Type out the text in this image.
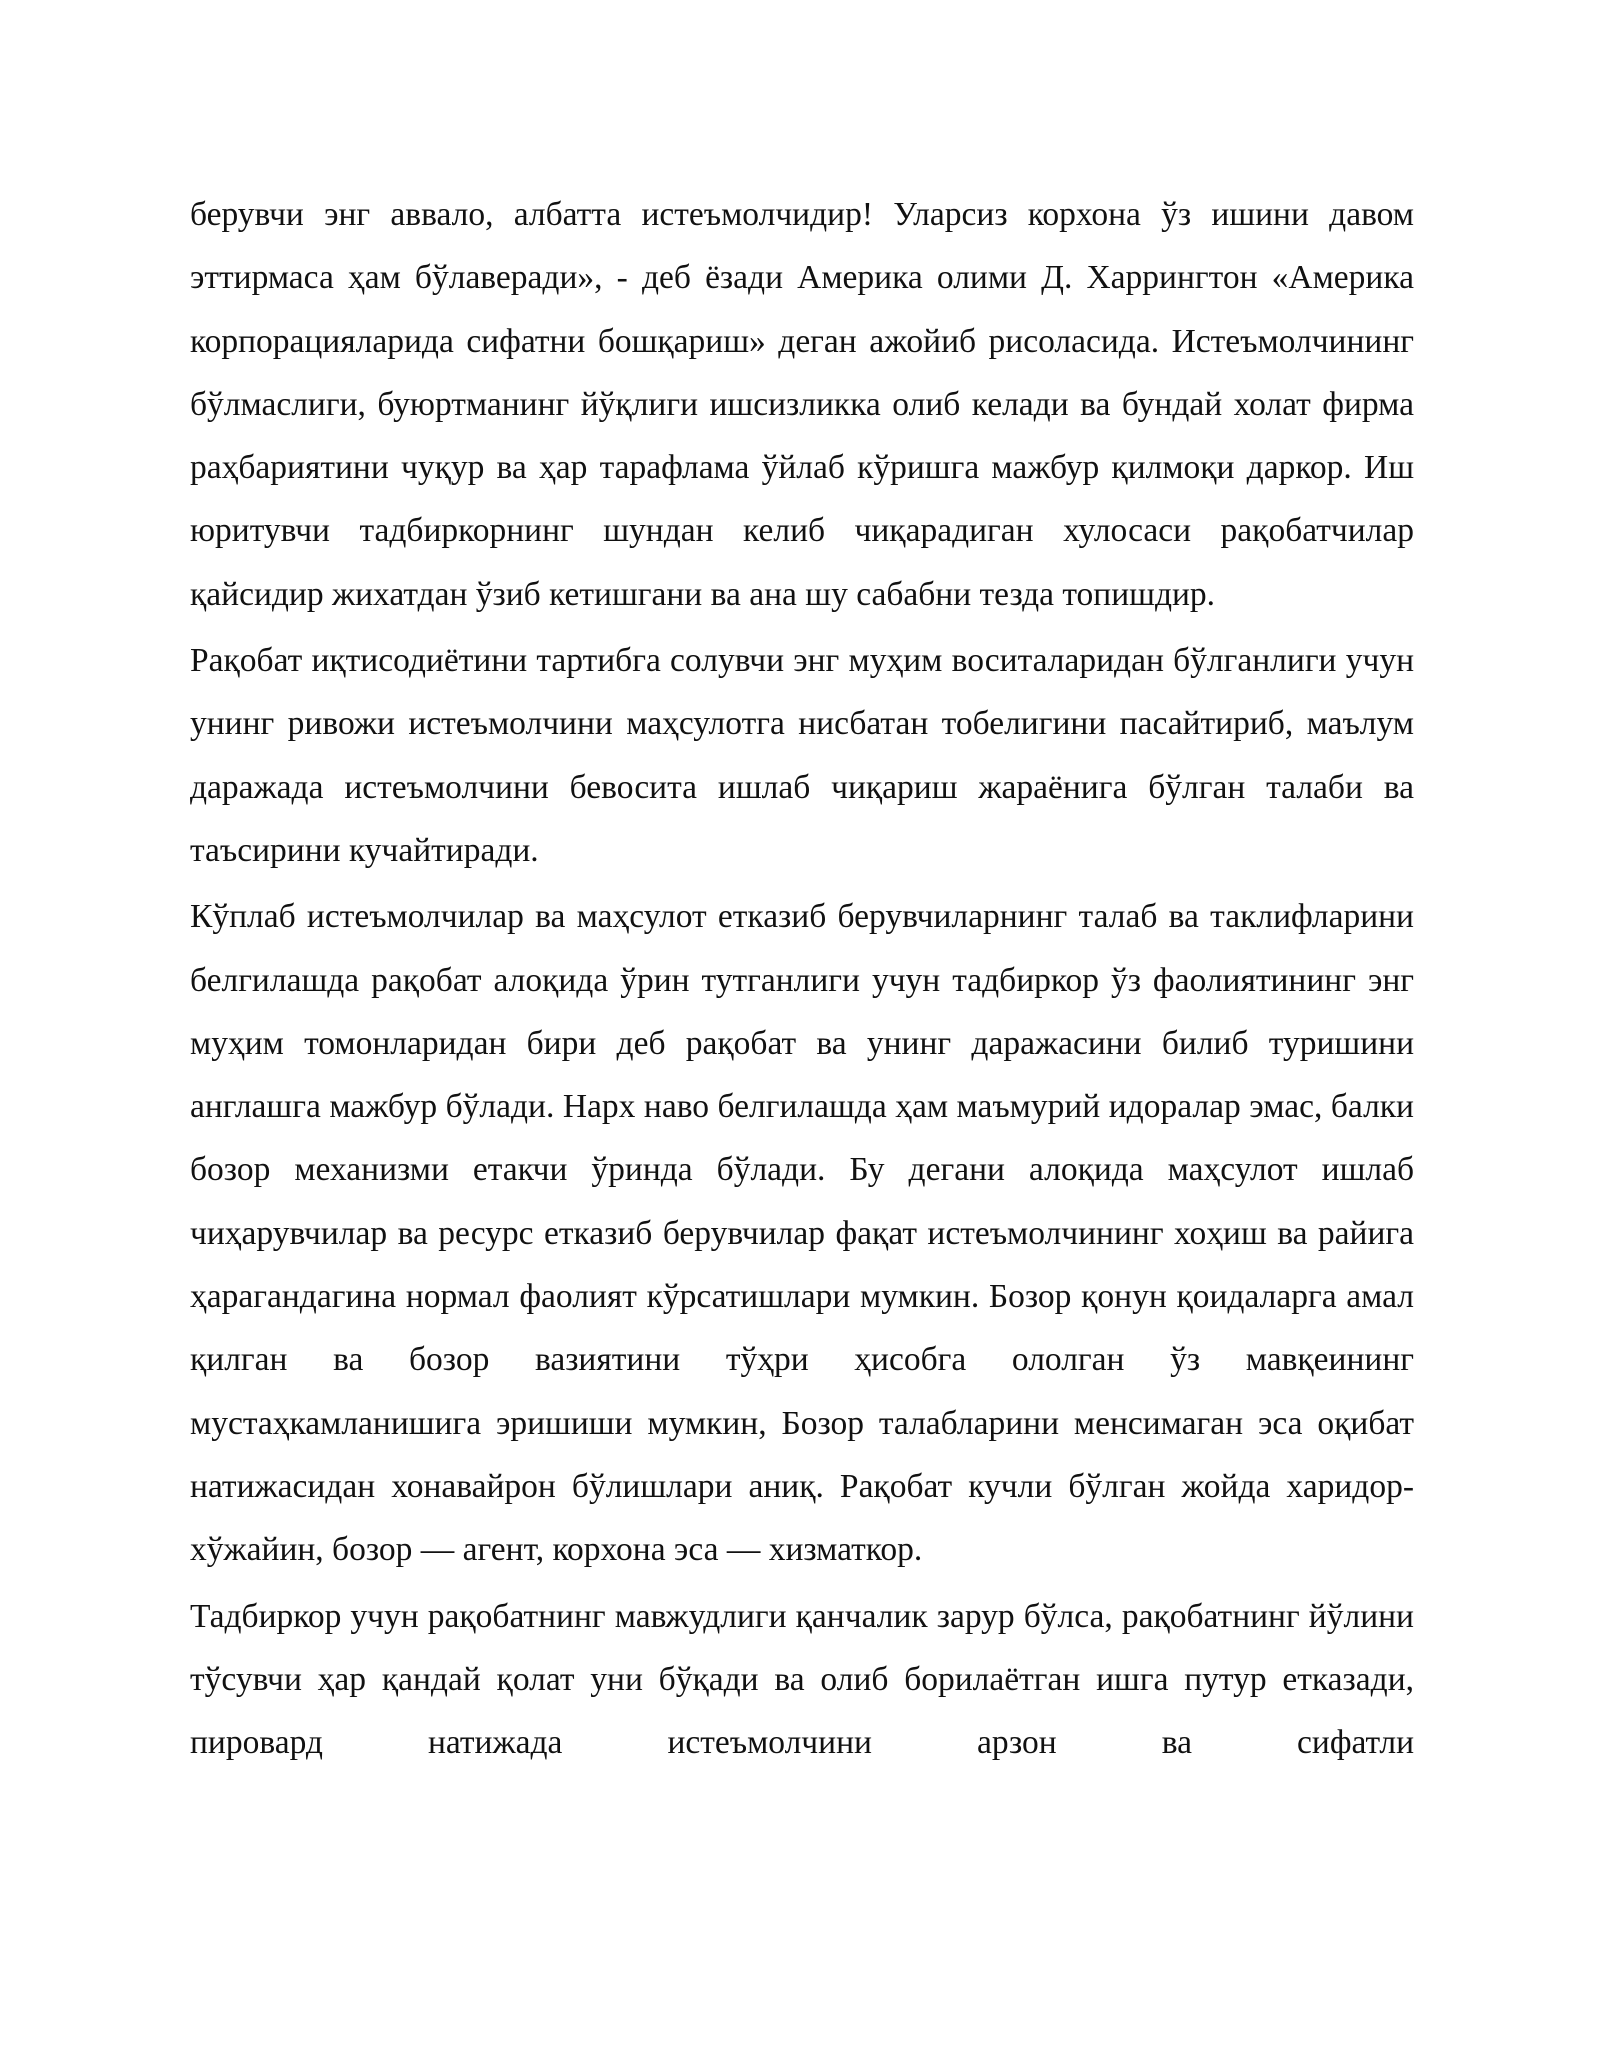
берувчи энг аввало, албатта истеъмолчидир! Уларсиз корхона ўз ишини давом эттирмаса ҳам бўлаверади», - деб ёзади Америка олими Д. Харрингтон «Америка корпорацияларида сифатни бошқариш» деган ажойиб рисоласида. Истеъмолчининг бўлмаслиги, буюртманинг йўқлиги ишсизликка олиб келади ва бундай холат фирма раҳбариятини чуқур ва ҳар тарафлама ўйлаб кўришга мажбур қилмоқи даркор. Иш юритувчи тадбиркорнинг шундан келиб чиқарадиган хулосаси рақобатчилар қайсидир жихатдан ўзиб кетишгани ва ана шу сабабни тезда топишдир.

Рақобат иқтисодиётини тартибга солувчи энг муҳим воситаларидан бўлганлиги учун унинг ривожи истеъмолчини маҳсулотга нисбатан тобелигини пасайтириб, маълум даражада истеъмолчини бевосита ишлаб чиқариш жараёнига бўлган талаби ва таъсирини кучайтиради.

Кўплаб истеъмолчилар ва маҳсулот етказиб берувчиларнинг талаб ва таклифларини белгилашда рақобат алоқида ўрин тутганлиги учун тадбиркор ўз фаолиятининг энг муҳим томонларидан бири деб рақобат ва унинг даражасини билиб туришини англашга мажбур бўлади. Нарх наво белгилашда ҳам маъмурий идоралар эмас, балки бозор механизми етакчи ўринда бўлади. Бу дегани алоқида маҳсулот ишлаб чиҳарувчилар ва ресурс етказиб берувчилар фақат истеъмолчининг хоҳиш ва райига ҳарагандагина нормал фаолият кўрсатишлари мумкин. Бозор қонун қоидаларга амал қилган ва бозор вазиятини тўҳри ҳисобга ололган ўз мавқеининг мустаҳкамланишига эришиши мумкин, Бозор талабларини менсимаган эса оқибат натижасидан хонавайрон бўлишлари аниқ. Рақобат кучли бўлган жойда харидор-хўжайин, бозор — агент, корхона эса — хизматкор.

Тадбиркор учун рақобатнинг мавжудлиги қанчалик зарур бўлса, рақобатнинг йўлини тўсувчи ҳар қандай қолат уни бўқади ва олиб борилаётган ишга путур етказади, пировард натижада истеъмолчини арзон ва сифатли
